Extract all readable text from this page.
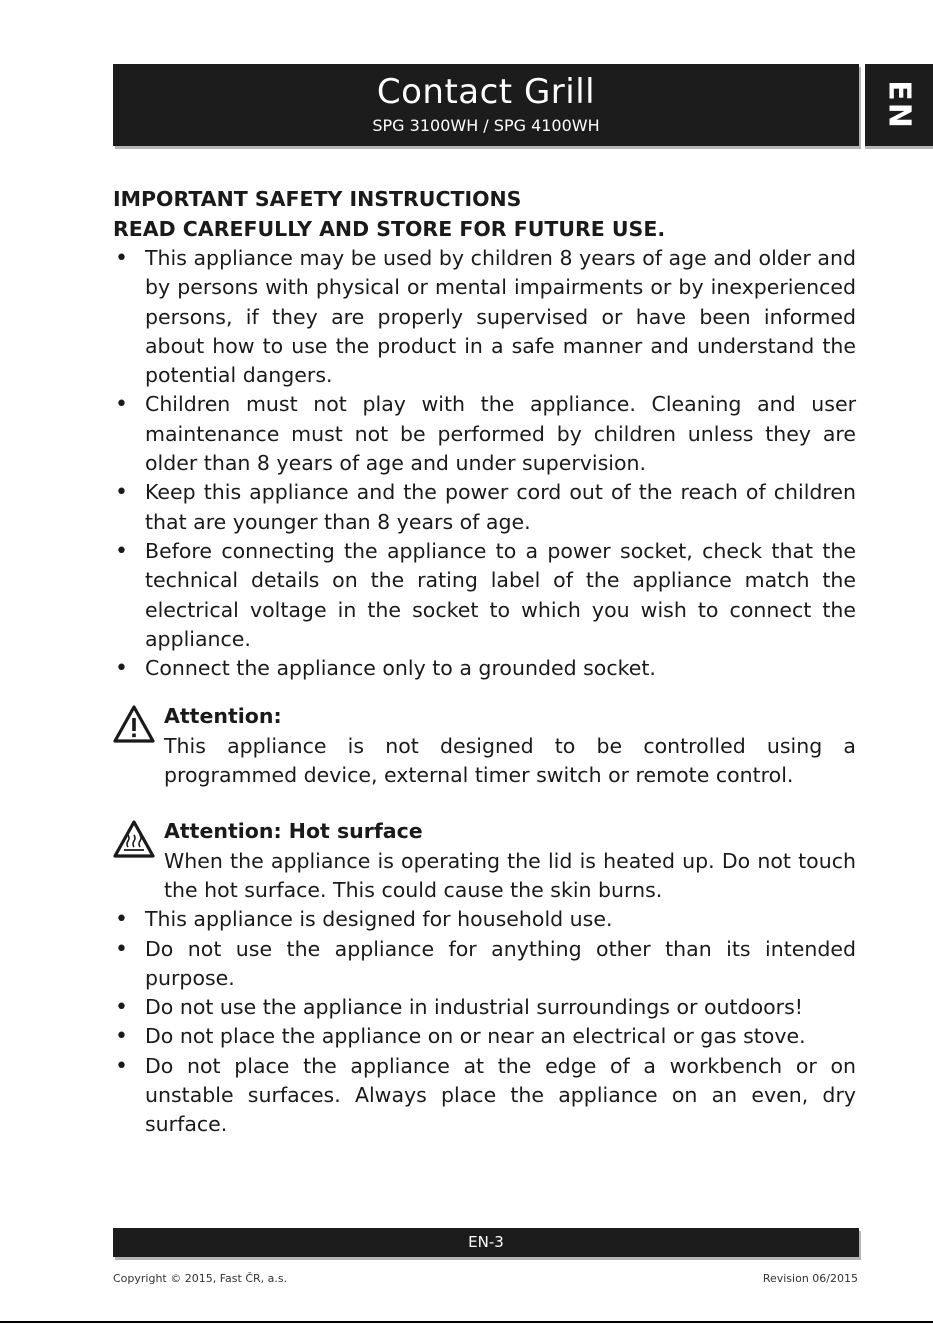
Contact Grill
SPG 3100WH / SPG 4100WH	EN

IMPORTANT SAFETY INSTRUCTIONS

READ CAREFULLY AND STORE FOR FUTURE USE.

• This appliance may be used by children 8 years of age and older and by persons with physical or mental impairments or by inexperienced persons, if they are properly supervised or have been informed about how to use the product in a safe manner and understand the potential dangers.
• Children must not play with the appliance. Cleaning and user maintenance must not be performed by children unless they are older than 8 years of age and under supervision.
• Keep this appliance and the power cord out of the reach of children that are younger than 8 years of age.
• Before connecting the appliance to a power socket, check that the technical details on the rating label of the appliance match the electrical voltage in the socket to which you wish to connect the appliance.
• Connect the appliance only to a grounded socket.
Attention:
This appliance is not designed to be controlled using a programmed device, external timer switch or remote control.
Attention: Hot surface
When the appliance is operating the lid is heated up. Do not touch the hot surface. This could cause the skin burns.
• This appliance is designed for household use.
• Do not use the appliance for anything other than its intended purpose.
• Do not use the appliance in industrial surroundings or outdoors!
• Do not place the appliance on or near an electrical or gas stove.
• Do not place the appliance at the edge of a workbench or on unstable surfaces. Always place the appliance on an even, dry surface.
EN-3
Copyright © 2015, Fast ČR, a.s.	Revision 06/2015
